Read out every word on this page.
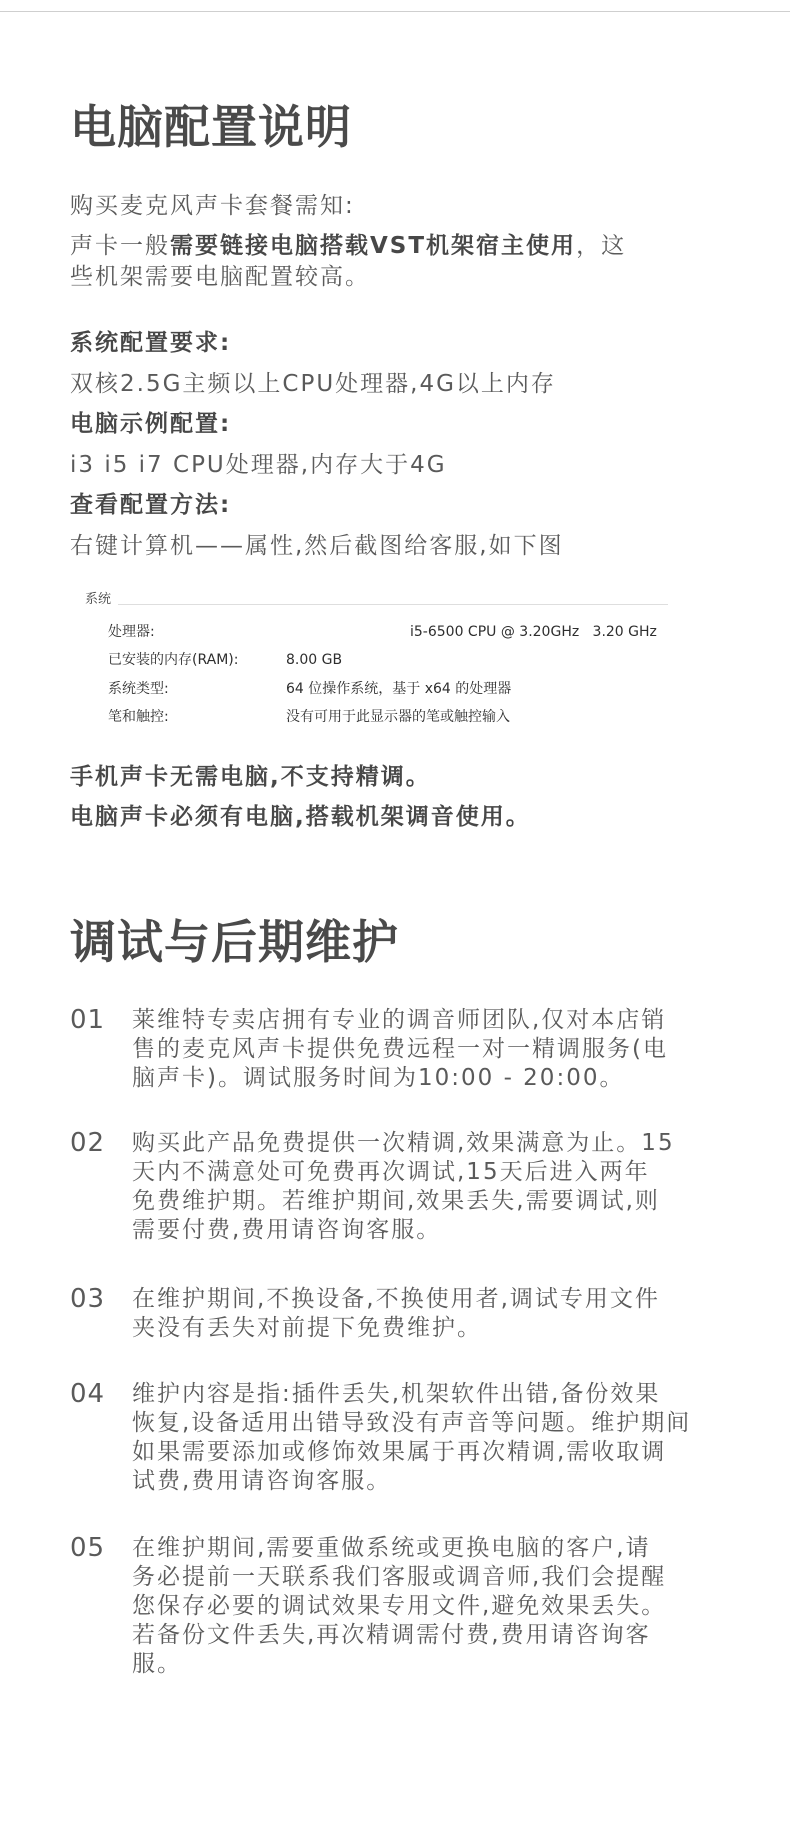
电脑配置说明
购买麦克风声卡套餐需知:
声卡一般需要链接电脑搭载VST机架宿主使用，这
些机架需要电脑配置较高。
系统配置要求:
双核2.5G主频以上CPU处理器,4G以上内存
电脑示例配置:
i3 i5 i7 CPU处理器,内存大于4G
查看配置方法:
右键计算机——属性,然后截图给客服,如下图
系统
处理器:	i5-6500 CPU @ 3.20GHz   3.20 GHz
已安装的内存(RAM):	8.00 GB
系统类型:	64 位操作系统，基于 x64 的处理器
笔和触控:	没有可用于此显示器的笔或触控输入
手机声卡无需电脑,不支持精调。
电脑声卡必须有电脑,搭载机架调音使用。
调试与后期维护
01 莱维特专卖店拥有专业的调音师团队,仅对本店销
售的麦克风声卡提供免费远程一对一精调服务(电
脑声卡)。调试服务时间为10:00 - 20:00。
02 购买此产品免费提供一次精调,效果满意为止。15
天内不满意处可免费再次调试,15天后进入两年
免费维护期。若维护期间,效果丢失,需要调试,则
需要付费,费用请咨询客服。
03 在维护期间,不换设备,不换使用者,调试专用文件
夹没有丢失对前提下免费维护。
04 维护内容是指:插件丢失,机架软件出错,备份效果
恢复,设备适用出错导致没有声音等问题。维护期间
如果需要添加或修饰效果属于再次精调,需收取调
试费,费用请咨询客服。
05 在维护期间,需要重做系统或更换电脑的客户,请
务必提前一天联系我们客服或调音师,我们会提醒
您保存必要的调试效果专用文件,避免效果丢失。
若备份文件丢失,再次精调需付费,费用请咨询客
服。
